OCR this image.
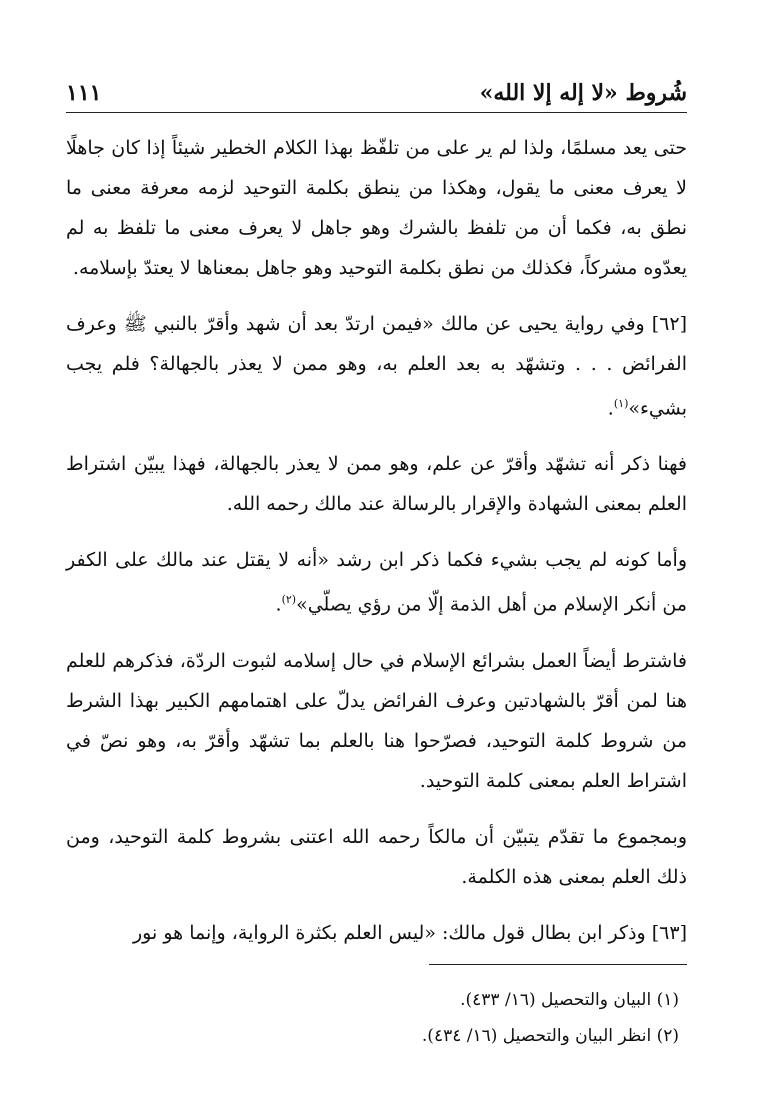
شُروط «لا إله إلا الله»
١١١

حتى يعد مسلمًا، ولذا لم ير على من تلفّظ بهذا الكلام الخطير شيئاً إذا كان جاهلًا لا يعرف معنى ما يقول، وهكذا من ينطق بكلمة التوحيد لزمه معرفة معنى ما نطق به، فكما أن من تلفظ بالشرك وهو جاهل لا يعرف معنى ما تلفظ به لم يعدّوه مشركاً، فكذلك من نطق بكلمة التوحيد وهو جاهل بمعناها لا يعتدّ بإسلامه.

[٦٢] وفي رواية يحيى عن مالك «فيمن ارتدّ بعد أن شهد وأقرّ بالنبي ﷺ وعرف الفرائض . . . وتشهّد به بعد العلم به، وهو ممن لا يعذر بالجهالة؟ فلم يجب بشيء»$^{(١)}$.

فهنا ذكر أنه تشهّد وأقرّ عن علم، وهو ممن لا يعذر بالجهالة، فهذا يبيّن اشتراط العلم بمعنى الشهادة والإقرار بالرسالة عند مالك رحمه الله.

وأما كونه لم يجب بشيء فكما ذكر ابن رشد «أنه لا يقتل عند مالك على الكفر من أنكر الإسلام من أهل الذمة إلّا من رؤي يصلّي»$^{(٢)}$.

فاشترط أيضاً العمل بشرائع الإسلام في حال إسلامه لثبوت الردّة، فذكرهم للعلم هنا لمن أقرّ بالشهادتين وعرف الفرائض يدلّ على اهتمامهم الكبير بهذا الشرط من شروط كلمة التوحيد، فصرّحوا هنا بالعلم بما تشهّد وأقرّ به، وهو نصّ في اشتراط العلم بمعنى كلمة التوحيد.

وبمجموع ما تقدّم يتبيّن أن مالكاً رحمه الله اعتنى بشروط كلمة التوحيد، ومن ذلك العلم بمعنى هذه الكلمة.

[٦٣] وذكر ابن بطال قول مالك: «ليس العلم بكثرة الرواية، وإنما هو نور

(١) البيان والتحصيل (١٦/ ٤٣٣).

(٢) انظر البيان والتحصيل (١٦/ ٤٣٤).
